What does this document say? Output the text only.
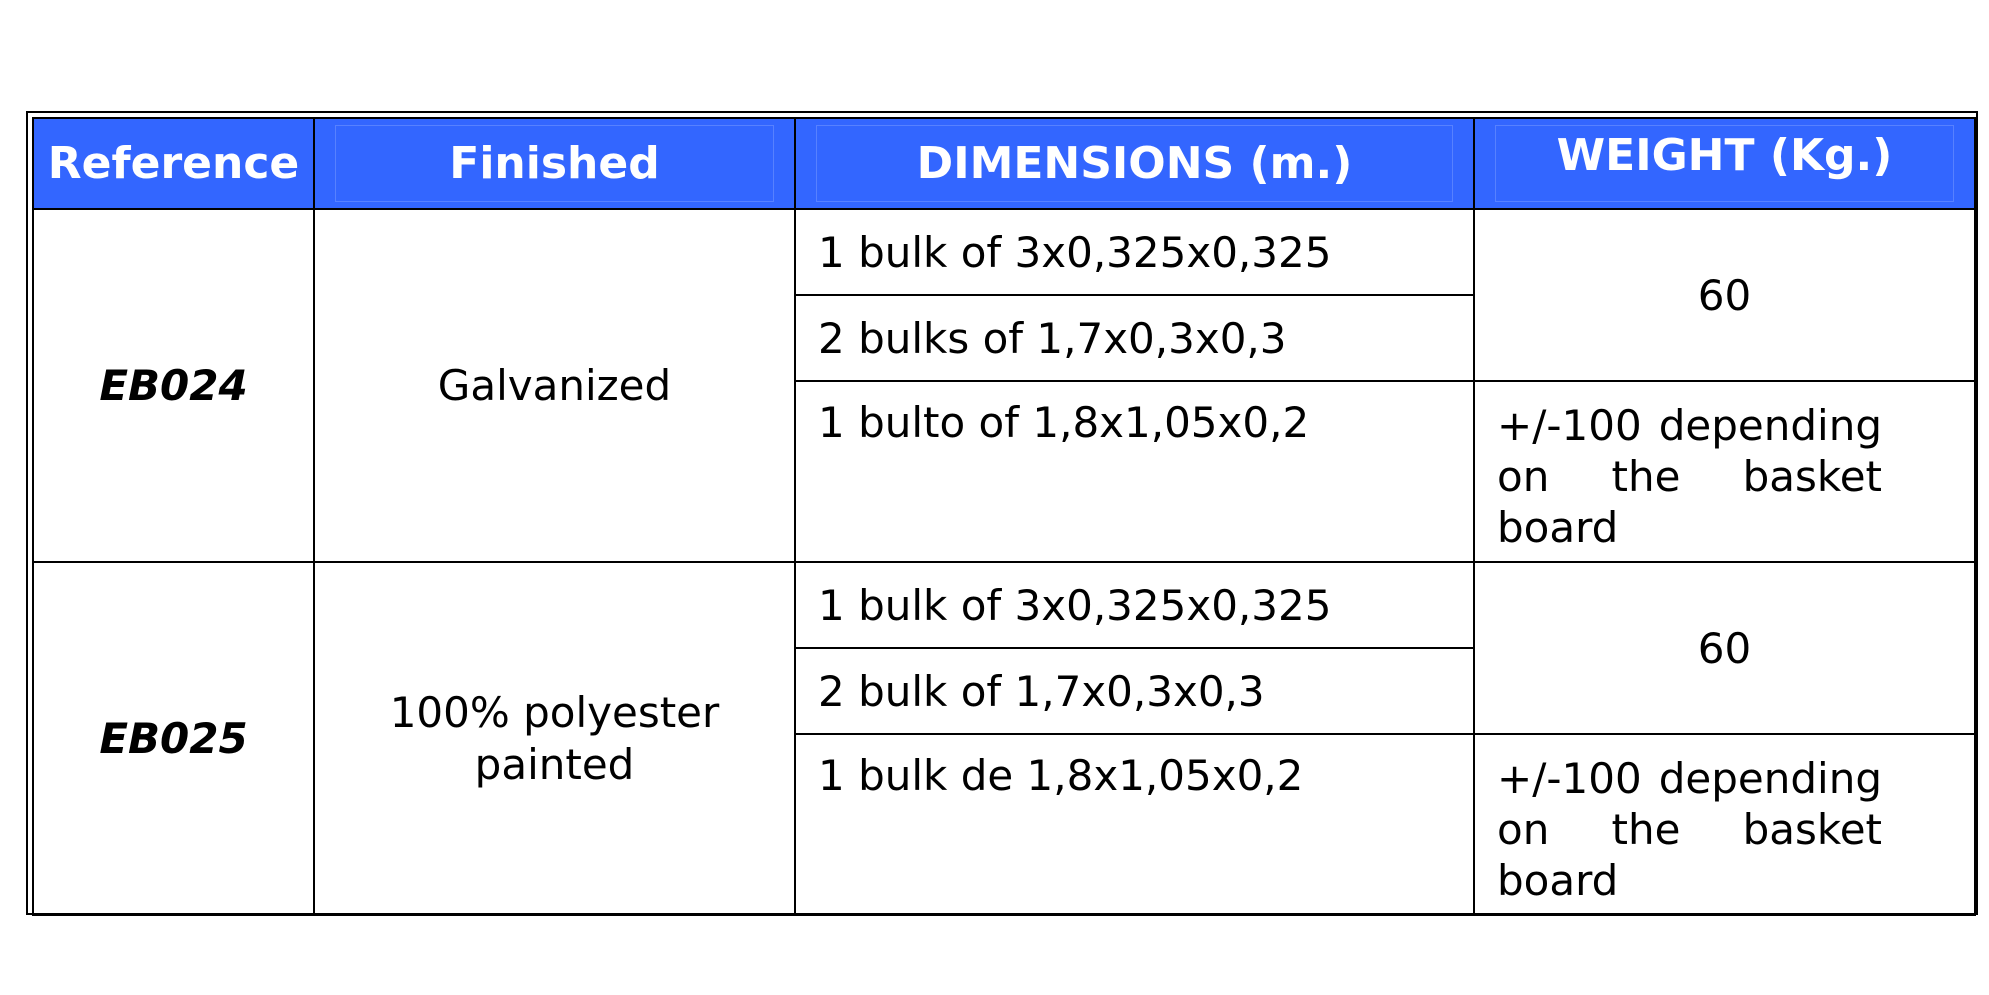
Reference	Finished	DIMENSIONS (m.)	WEIGHT (Kg.)
EB024	Galvanized	1 bulk of 3x0,325x0,325	60
		2 bulks of 1,7x0,3x0,3	
		1 bulto of 1,8x1,05x0,2	+/-100 depending on the basket board
EB025	100% polyester painted	1 bulk of 3x0,325x0,325	60
		2 bulk of 1,7x0,3x0,3	
		1 bulk de 1,8x1,05x0,2	+/-100 depending on the basket board
